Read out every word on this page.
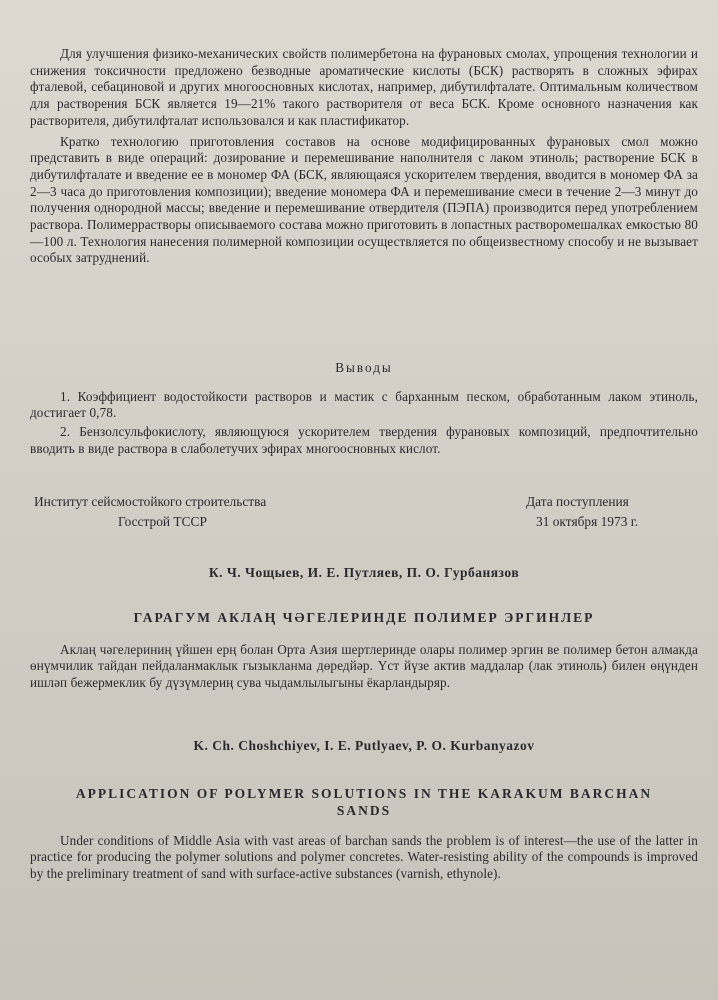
Для улучшения физико-механических свойств полимербетона на фурановых смолах, упрощения технологии и снижения токсичности предложено безводные ароматические кислоты (БСК) растворять в сложных эфирах фталевой, себациновой и других многоосновных кислотах, например, дибутилфталате. Оптимальным количеством для растворения БСК является 19—21% такого растворителя от веса БСК. Кроме основного назначения как растворителя, дибутилфталат использовался и как пластификатор.

Кратко технологию приготовления составов на основе модифицированных фурановых смол можно представить в виде операций: дозирование и перемешивание наполнителя с лаком этиноль; растворение БСК в дибутилфталате и введение ее в мономер ФА (БСК, являющаяся ускорителем твердения, вводится в мономер ФА за 2—3 часа до приготовления композиции); введение мономера ФА и перемешивание смеси в течение 2—3 минут до получения однородной массы; введение и перемешивание отвердителя (ПЭПА) производится перед употреблением раствора. Полимеррастворы описываемого состава можно приготовить в лопастных растворомешалках емкостью 80—100 л. Технология нанесения полимерной композиции осуществляется по общеизвестному способу и не вызывает особых затруднений.

Выводы

1. Коэффициент водостойкости растворов и мастик с барханным песком, обработанным лаком этиноль, достигает 0,78.

2. Бензолсульфокислоту, являющуюся ускорителем твердения фурановых композиций, предпочтительно вводить в виде раствора в слаболетучих эфирах многоосновных кислот.

Институт сейсмостойкого строительства
Госстрой ТССР
Дата поступления
31 октября 1973 г.

К. Ч. Чощыев, И. Е. Путляев, П. О. Гурбанязов

ГАРАГУМ АКЛАҢ ЧӘГЕЛЕРИНДЕ ПОЛИМЕР ЭРГИНЛЕР

Аклаң чәгелериниң үйшен ерң болан Орта Азия шертлеринде олары полимер эргин ве полимер бетон алмакда өнүмчилик тайдан пейдаланмаклык гызыкланма дөредйәр. Үст йүзе актив маддалар (лак этиноль) билен өңүнден ишләп бежермеклик бу дүзүмлериң сува чыдамлылыгыны ёкарландыряр.

K. Ch. Choshchiyev, I. E. Putlyaev, P. O. Kurbanyazov

APPLICATION OF POLYMER SOLUTIONS IN THE KARAKUM BARCHAN SANDS

Under conditions of Middle Asia with vast areas of barchan sands the problem is of interest—the use of the latter in practice for producing the polymer solutions and polymer concretes. Water-resisting ability of the compounds is improved by the preliminary treatment of sand with surface-active substances (varnish, ethynole).
